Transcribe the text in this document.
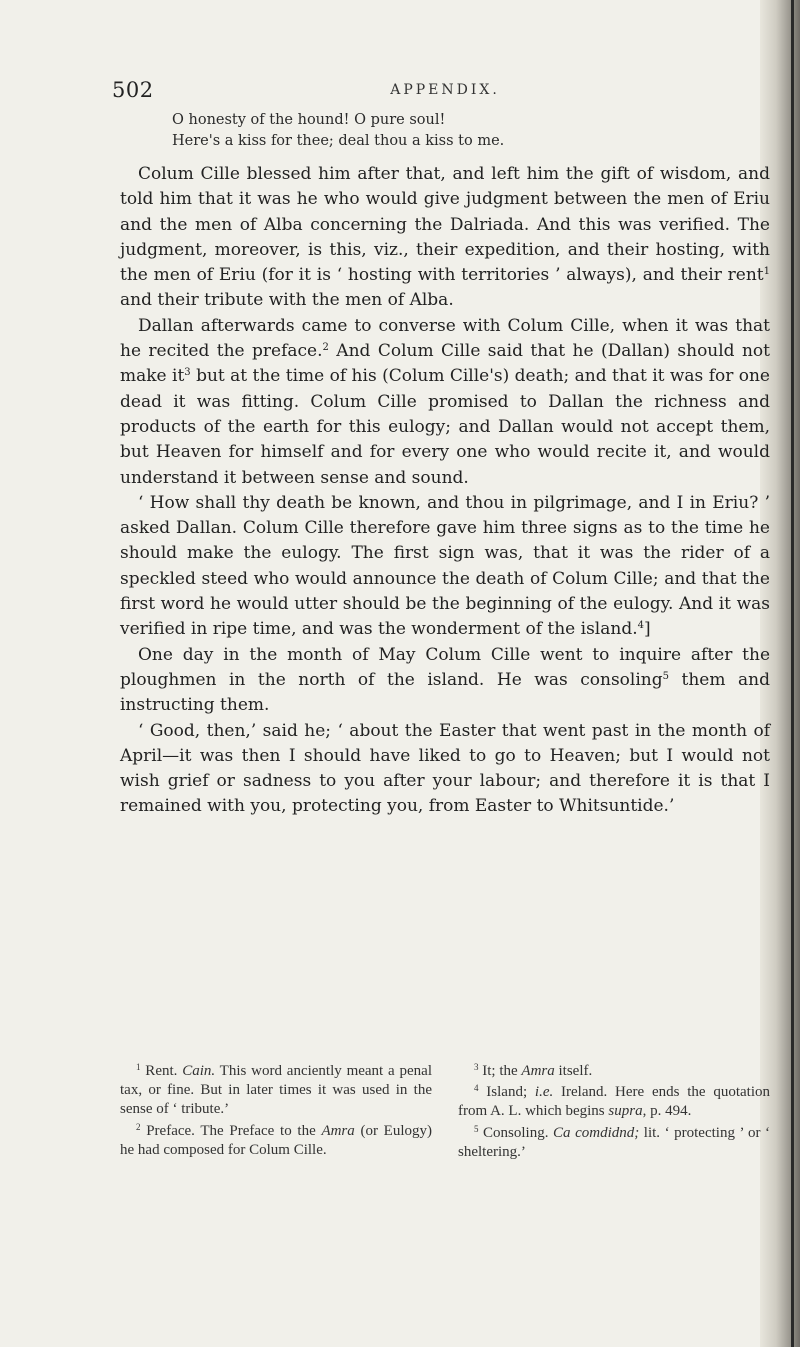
502	APPENDIX.

O honesty of the hound! O pure soul!

Here's a kiss for thee; deal thou a kiss to me.

Colum Cille blessed him after that, and left him the gift of wisdom, and told him that it was he who would give judgment between the men of Eriu and the men of Alba concerning the Dalriada. And this was verified. The judgment, moreover, is this, viz., their expedition, and their hosting, with the men of Eriu (for it is ‘ hosting with territories ’ always), and their rent$^1$ and their tribute with the men of Alba.

Dallan afterwards came to converse with Colum Cille, when it was that he recited the preface.$^2$ And Colum Cille said that he (Dallan) should not make $it^3$ but at the time of his (Colum Cille's) death; and that it was for one dead it was fitting. Colum Cille promised to Dallan the richness and products of the earth for this eulogy; and Dallan would not accept them, but Heaven for himself and for every one who would recite it, and would understand it between sense and sound.

‘ How shall thy death be known, and thou in pilgrimage, and I in Eriu? ’ asked Dallan. Colum Cille therefore gave him three signs as to the time he should make the eulogy. The first sign was, that it was the rider of a speckled steed who would announce the death of Colum Cille; and that the first word he would utter should be the beginning of the eulogy. And it was verified in ripe time, and was the wonderment of the island.$^4$]

One day in the month of May Colum Cille went to inquire after the ploughmen in the north of the island. He was consoling$^5$ them and instructing them.

‘ Good, then,’ said he; ‘ about the Easter that went past in the month of April—it was then I should have liked to go to Heaven; but I would not wish grief or sadness to you after your labour; and therefore it is that I remained with you, protecting you, from Easter to Whitsuntide.’

$^1$ Rent. Cain. This word anciently meant a penal tax, or fine. But in later times it was used in the sense of ‘ tribute.’

$^2$ Preface. The Preface to the Amra (or Eulogy) he had composed for Colum Cille.

$^3$ It; the Amra itself.

$^4$ Island; i.e. Ireland. Here ends the quotation from A. L. which begins supra, p. 494.

$^5$ Consoling. Ca comdidnd; lit. ‘ protecting ’ or ‘ sheltering.’
